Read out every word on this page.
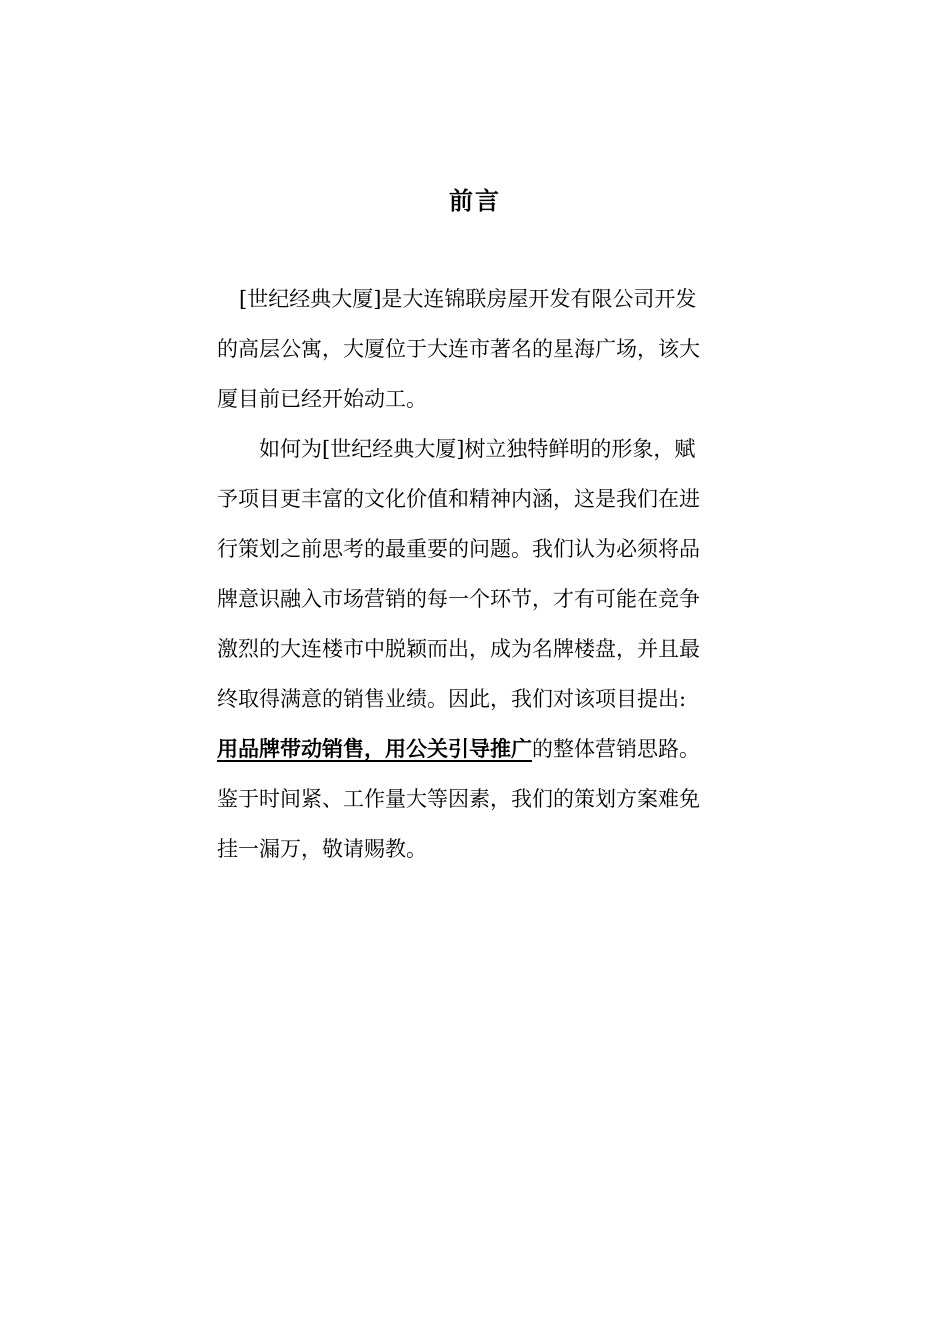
前言
[世纪经典大厦]是大连锦联房屋开发有限公司开发
的高层公寓，大厦位于大连市著名的星海广场，该大
厦目前已经开始动工。
如何为[世纪经典大厦]树立独特鲜明的形象，赋
予项目更丰富的文化价值和精神内涵，这是我们在进
行策划之前思考的最重要的问题。我们认为必须将品
牌意识融入市场营销的每一个环节，才有可能在竞争
激烈的大连楼市中脱颖而出，成为名牌楼盘，并且最
终取得满意的销售业绩。因此，我们对该项目提出:
用品牌带动销售，用公关引导推广的整体营销思路。
鉴于时间紧、工作量大等因素，我们的策划方案难免
挂一漏万，敬请赐教。
